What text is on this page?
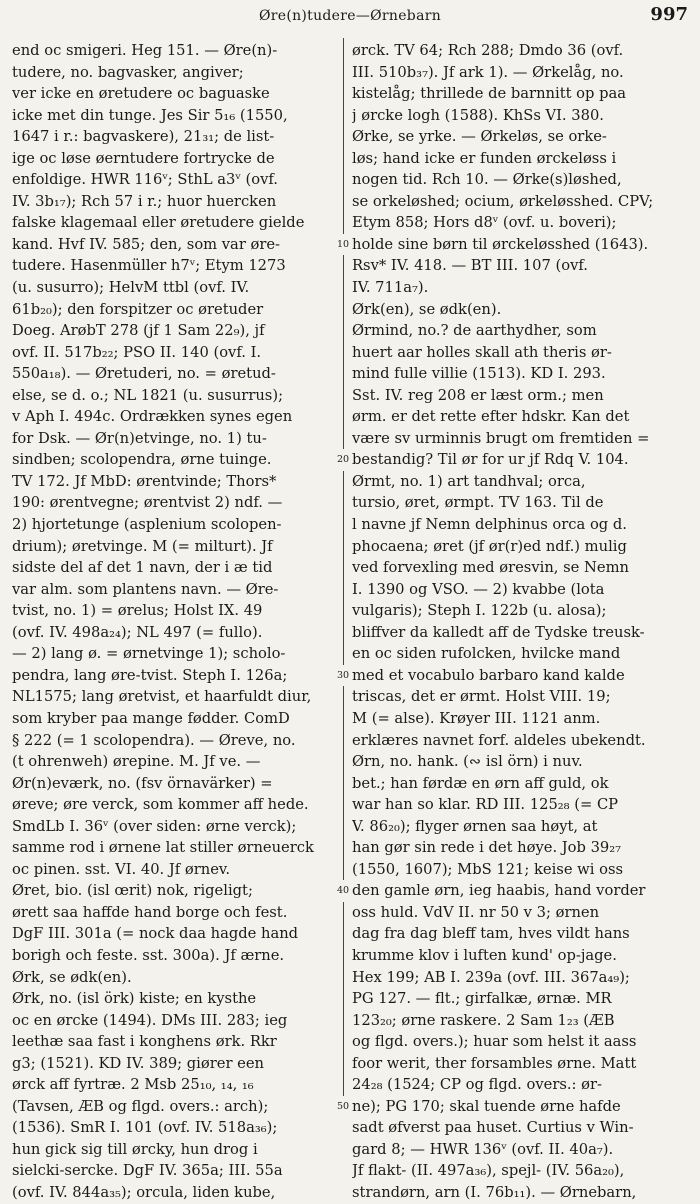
Øre(n)tudere—Ørnebarn	997
end oc smigeri. Heg 151. — Øre(n)-
tudere, no. bagvasker, angiver;
ver icke en øretudere oc baguaske
icke met din tunge. Jes Sir 5₁₆ (1550,
1647 i r.: bagvaskere), 21₃₁; de list-
ige oc løse øerntudere fortrycke de
enfoldige. HWR 116ᵛ; SthL a3ᵛ (ovf.
IV. 3b₁₇); Rch 57 i r.; huor huercken
falske klagemaal eller øretudere gielde
kand. Hvf IV. 585; den, som var øre-
tudere. Hasenmüller h7ᵛ; Etym 1273
(u. susurro); HelvM ttbl (ovf. IV.
61b₂₀); den forspitzer oc øretuder
Doeg. ArøbT 278 (jf 1 Sam 22₉), jf
ovf. II. 517b₂₂; PSO II. 140 (ovf. I.
550a₁₈). — Øretuderi, no. = øretud-
else, se d. o.; NL 1821 (u. susurrus);
v Aph I. 494c. Ordrækken synes egen
for Dsk. — Ør(n)etvinge, no. 1) tu-
sindben; scolopendra, ørne tuinge.
TV 172. Jf MbD: ørentvinde; Thors*
190: ørentvegne; ørentvist 2) ndf. —
2) hjortetunge (asplenium scolopen-
drium); øretvinge. M (= milturt). Jf
sidste del af det 1 navn, der i æ tid
var alm. som plantens navn. — Øre-
tvist, no. 1) = ørelus; Holst IX. 49
(ovf. IV. 498a₂₄); NL 497 (= fullo).
— 2) lang ø. = ørnetvinge 1); scholo-
pendra, lang øre-tvist. Steph I. 126a;
NL1575; lang øretvist, et haarfuldt diur,
som kryber paa mange fødder. ComD
§ 222 (= 1 scolopendra). — Øreve, no.
(t ohrenweh) ørepine. M. Jf ve. —
Ør(n)eværk, no. (fsv örnavärker) =
øreve; øre verck, som kommer aff hede.
SmdLb I. 36ᵛ (over siden: ørne verck);
samme rod i ørnene lat stiller ørneuerck
oc pinen. sst. VI. 40. Jf ørnev.
Øret, bio. (isl œrit) nok, rigeligt;
ørett saa haffde hand borge och fest.
DgF III. 301a (= nock daa hagde hand
borigh och feste. sst. 300a). Jf ærne.
Ørk, se ødk(en).
Ørk, no. (isl örk) kiste; en kysthe
oc en ørcke (1494). DMs III. 283; ieg
leethæ saa fast i konghens ørk. Rkr
g3; (1521). KD IV. 389; giører een
ørck aff fyrtræ. 2 Msb 25₁₀, ₁₄, ₁₆
(Tavsen, ÆB og flgd. overs.: arch);
(1536). SmR I. 101 (ovf. IV. 518a₃₆);
hun gick sig till ørcky, hun drog i
sielcki-sercke. DgF IV. 365a; III. 55a
(ovf. IV. 844a₃₅); orcula, liden kube,
10
20
30
40
50
ørck. TV 64; Rch 288; Dmdo 36 (ovf.
III. 510b₃₇). Jf ark 1). — Ørkelåg, no.
kistelåg; thrillede de barnnitt op paa
j ørcke logh (1588). KhSs VI. 380.
Ørke, se yrke. — Ørkeløs, se orke-
løs; hand icke er funden ørckeløss i
nogen tid. Rch 10. — Ørke(s)løshed,
se orkeløshed; ocium, ørkeløsshed. CPV;
Etym 858; Hors d8ᵛ (ovf. u. boveri);
holde sine børn til ørckeløsshed (1643).
Rsv* IV. 418. — BT III. 107 (ovf.
IV. 711a₇).
Ørk(en), se ødk(en).
Ørmind, no.? de aarthydher, som
huert aar holles skall ath theris ør-
mind fulle villie (1513). KD I. 293.
Sst. IV. reg 208 er læst orm.; men
ørm. er det rette efter hdskr. Kan det
være sv urminnis brugt om fremtiden =
bestandig? Til ør for ur jf Rdq V. 104.
Ørmt, no. 1) art tandhval; orca,
tursio, øret, ørmpt. TV 163. Til de
l navne jf Nemn delphinus orca og d.
phocaena; øret (jf ør(r)ed ndf.) mulig
ved forvexling med øresvin, se Nemn
I. 1390 og VSO. — 2) kvabbe (lota
vulgaris); Steph I. 122b (u. alosa);
bliffver da kalledt aff de Tydske treusk-
en oc siden rufolcken, hvilcke mand
med et vocabulo barbaro kand kalde
triscas, det er ørmt. Holst VIII. 19;
M (= alse). Krøyer III. 1121 anm.
erklæres navnet forf. aldeles ubekendt.
Ørn, no. hank. (∾ isl örn) i nuv.
bet.; han førdæ en ørn aff guld, ok
war han so klar. RD III. 125₂₈ (= CP
V. 86₂₀); flyger ørnen saa høyt, at
han gør sin rede i det høye. Job 39₂₇
(1550, 1607); MbS 121; keise wi oss
den gamle ørn, ieg haabis, hand vorder
oss huld. VdV II. nr 50 v 3; ørnen
dag fra dag bleff tam, hves vildt hans
krumme klov i luften kund' op-jage.
Hex 199; AB I. 239a (ovf. III. 367a₄₉);
PG 127. — flt.; girfalkæ, ørnæ. MR
123₂₀; ørne raskere. 2 Sam 1₂₃ (ÆB
og flgd. overs.); huar som helst it aass
foor werit, ther forsambles ørne. Matt
24₂₈ (1524; CP og flgd. overs.: ør-
ne); PG 170; skal tuende ørne hafde
sadt øfverst paa huset. Curtius v Win-
gard 8; — HWR 136ᵛ (ovf. II. 40a₇).
Jf flakt- (II. 497a₃₆), spejl- (IV. 56a₂₀),
strandørn, arn (I. 76b₁₁). — Ørnebarn,
